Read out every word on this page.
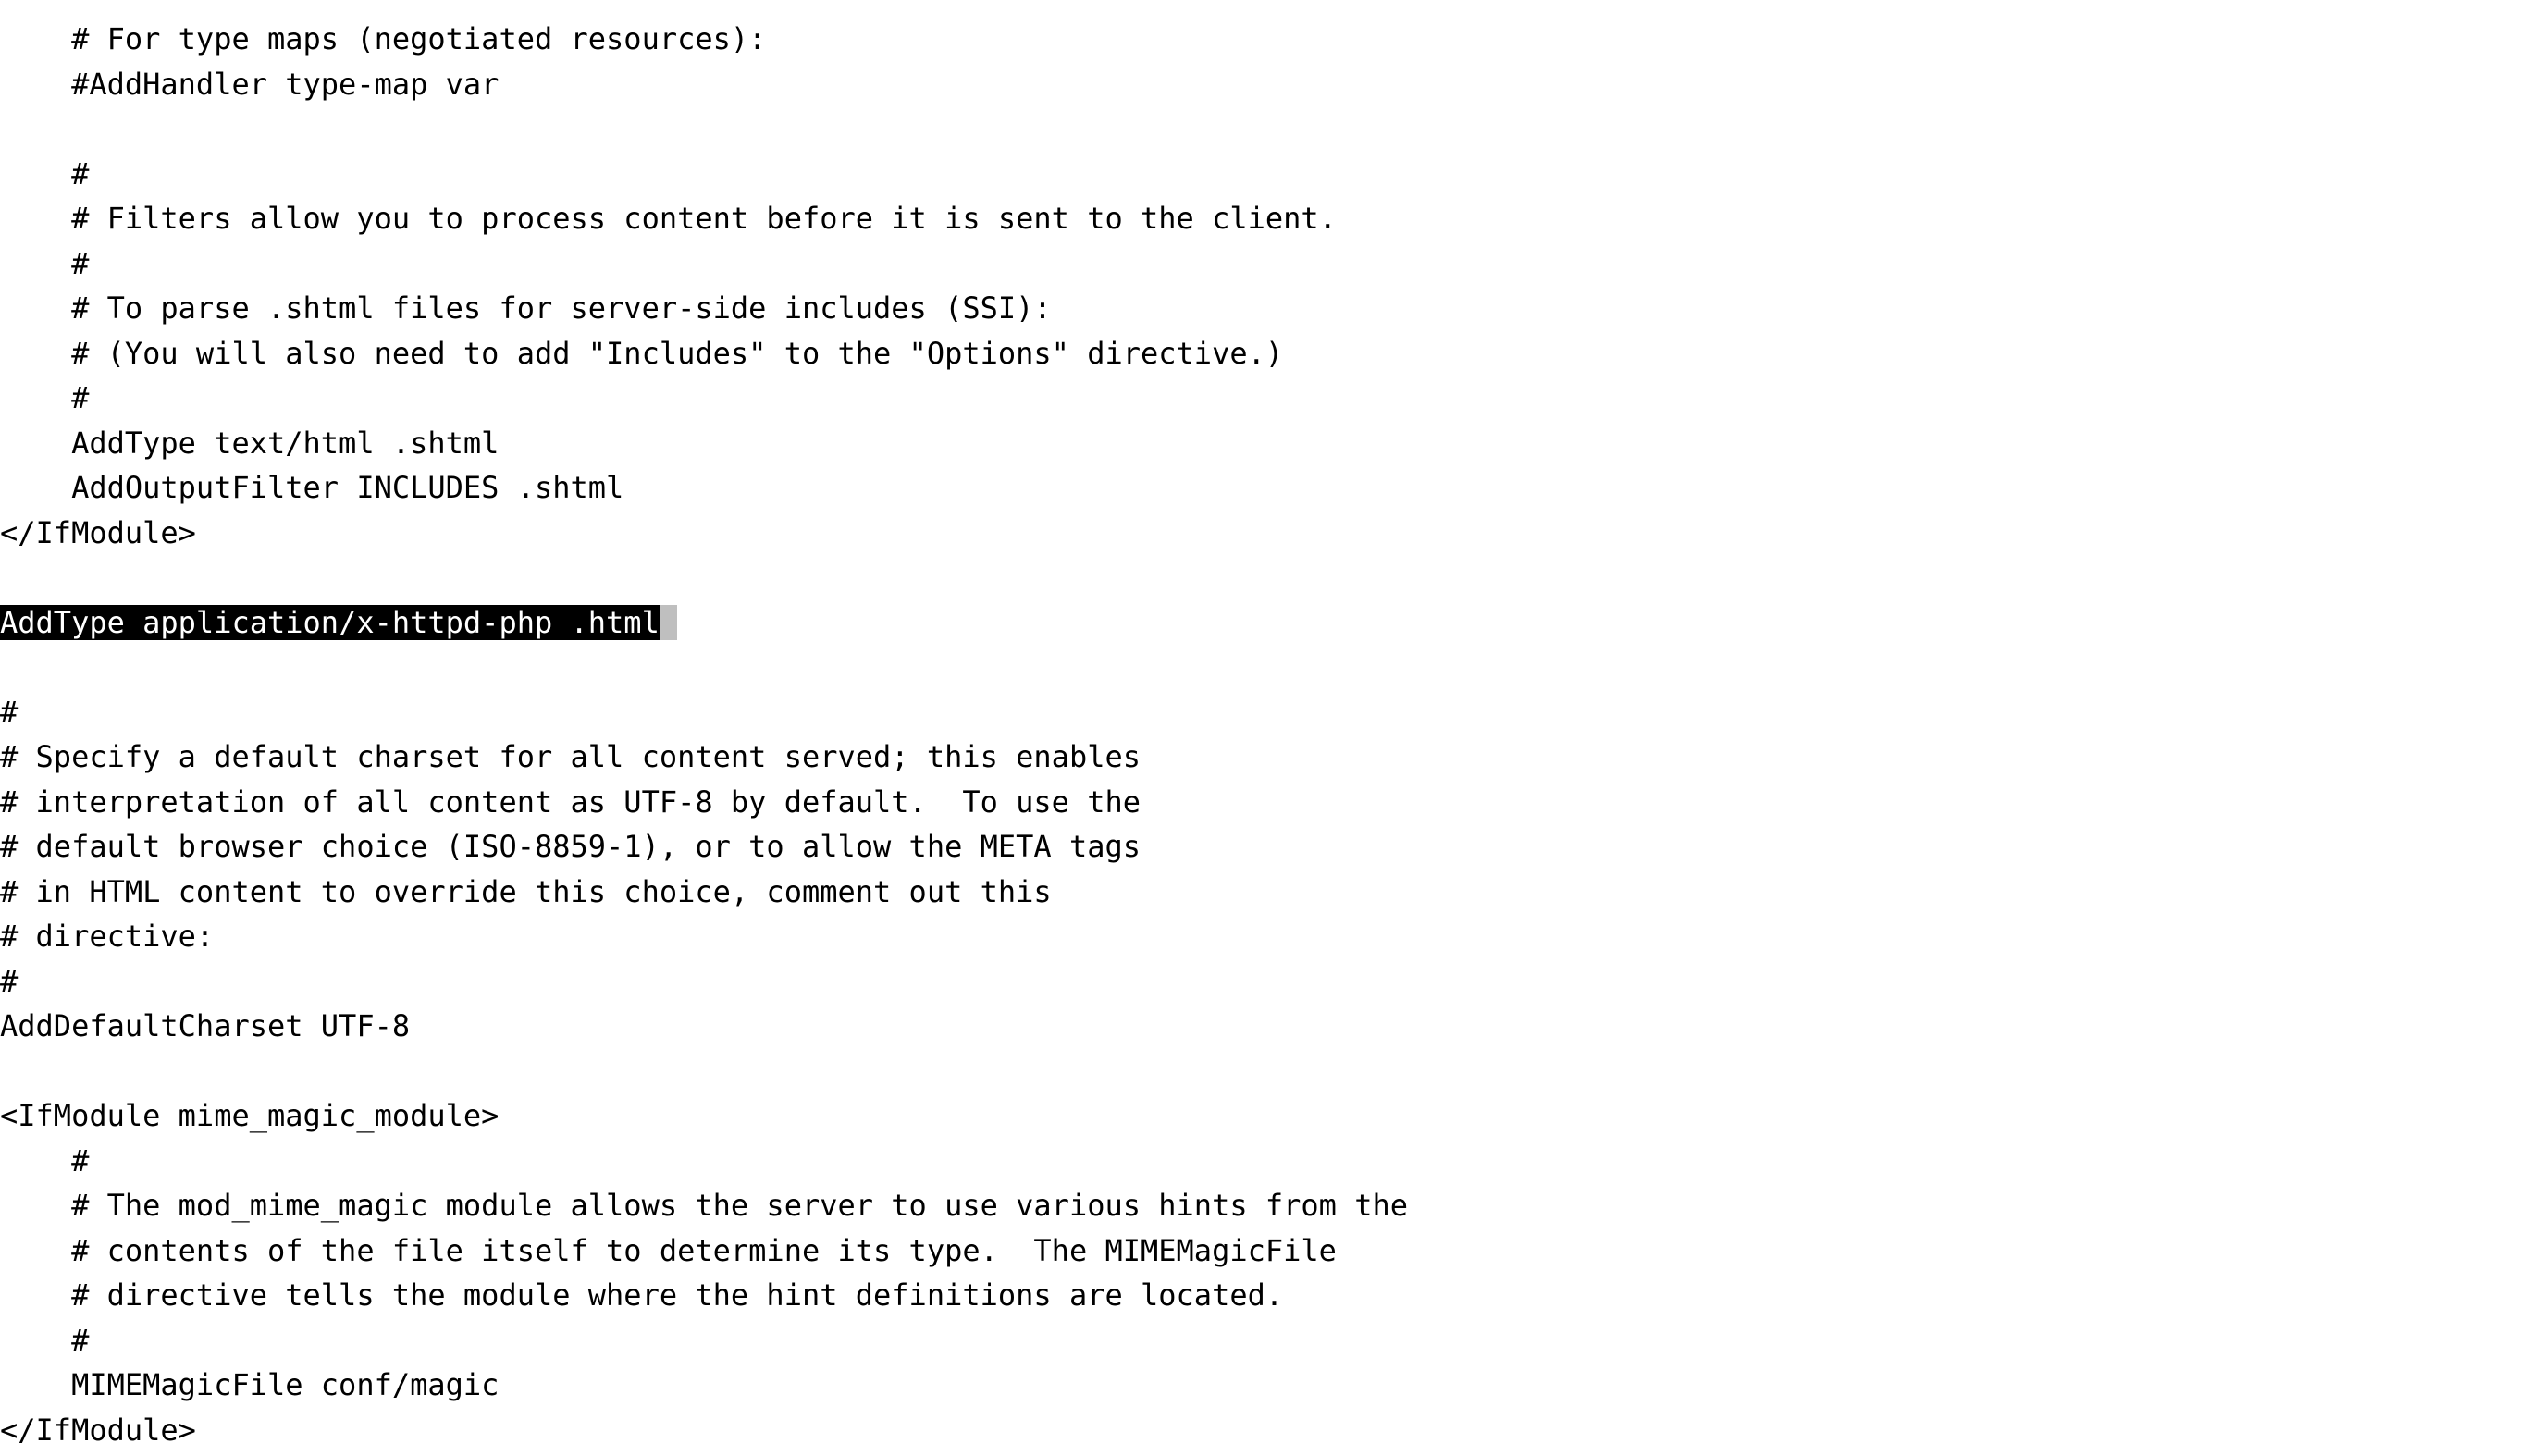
# For type maps (negotiated resources):
#AddHandler type-map var

#
# Filters allow you to process content before it is sent to the client.
#
# To parse .shtml files for server-side includes (SSI):
# (You will also need to add "Includes" to the "Options" directive.)
#
AddType text/html .shtml
AddOutputFilter INCLUDES .shtml
</IfModule>

AddType application/x-httpd-php .html

#
# Specify a default charset for all content served; this enables
# interpretation of all content as UTF-8 by default.  To use the
# default browser choice (ISO-8859-1), or to allow the META tags
# in HTML content to override this choice, comment out this
# directive:
#
AddDefaultCharset UTF-8

<IfModule mime_magic_module>
#
# The mod_mime_magic module allows the server to use various hints from the
# contents of the file itself to determine its type.  The MIMEMagicFile
# directive tells the module where the hint definitions are located.
#
MIMEMagicFile conf/magic
</IfModule>
